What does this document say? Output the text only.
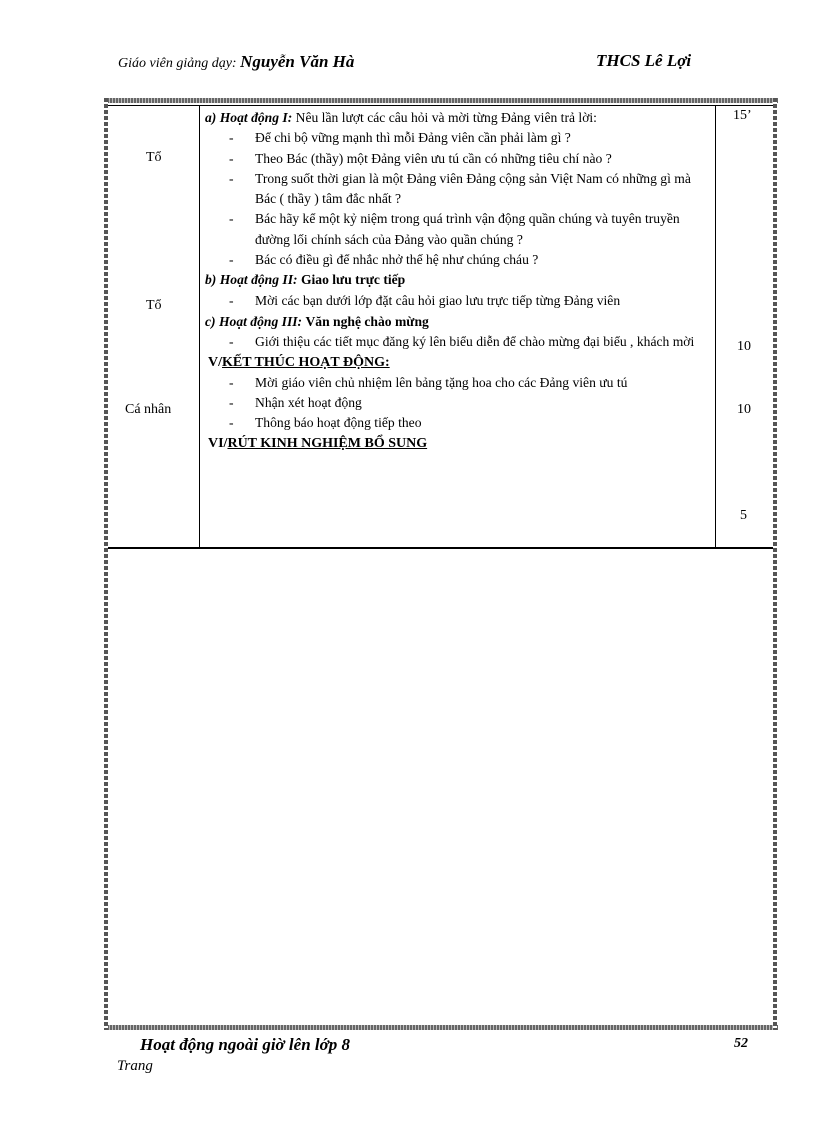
Giáo viên giảng dạy: Nguyễn Văn Hà	THCS Lê Lợi
Tổ
Tổ
Cá nhân

a) Hoạt động I: Nêu lần lượt các câu hỏi và mời từng Đảng viên trả lời:

- Để chi bộ vững mạnh thì mỗi Đảng viên cần phải làm gì ?
- Theo Bác (thầy) một Đảng viên ưu tú cần có những tiêu chí nào ?
- Trong suốt thời gian là một Đảng viên Đảng cộng sản Việt Nam có những gì mà Bác ( thầy ) tâm đắc nhất ?
- Bác hãy kể một kỷ niệm trong quá trình vận động quần chúng và tuyên truyền đường lối chính sách của Đảng vào quần chúng ?
- Bác có điều gì để nhắc nhở thế hệ như chúng cháu ?

b) Hoạt động II: Giao lưu trực tiếp

- Mời các bạn dưới lớp đặt câu hỏi giao lưu trực tiếp từng Đảng viên

c) Hoạt động III: Văn nghệ chào mừng

- Giới thiệu các tiết mục đăng ký lên biểu diễn để chào mừng đại biểu , khách mời

V/KẾT THÚC HOẠT ĐỘNG:

- Mời giáo viên chủ nhiệm lên bảng tặng hoa cho các Đảng viên ưu tú
- Nhận xét hoạt động
- Thông báo hoạt động tiếp theo

VI/RÚT KINH NGHIỆM BỔ SUNG

15’
10
10
5
Hoạt động ngoài giờ lên lớp 8	52
Trang
